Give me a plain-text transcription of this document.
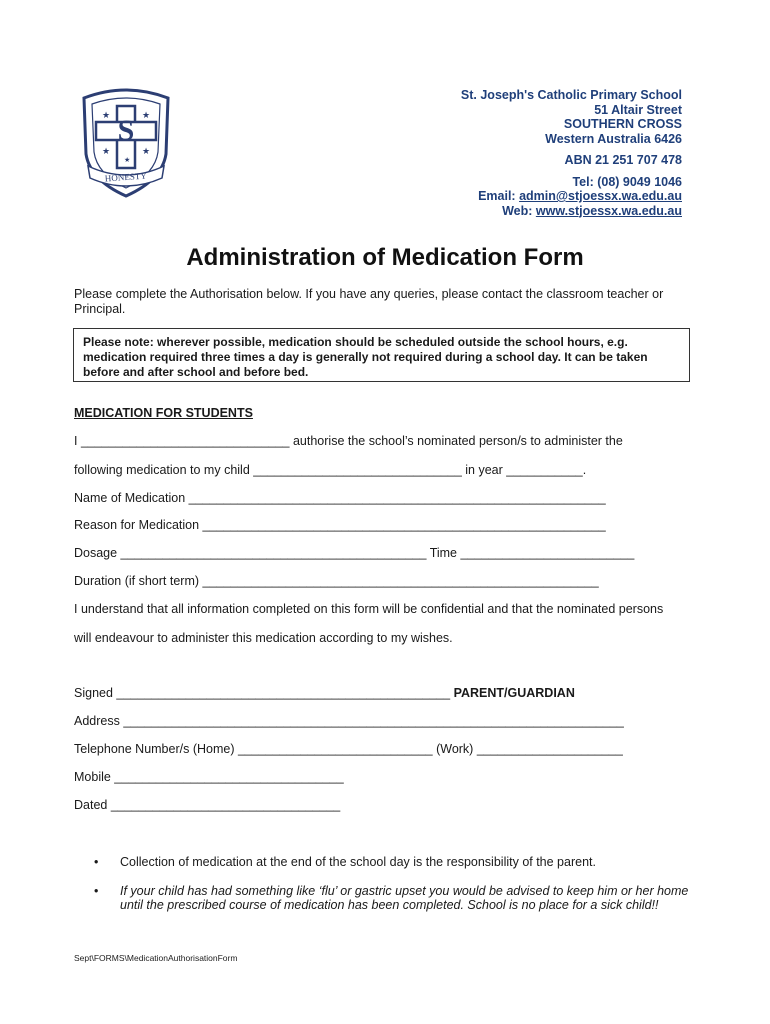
S
★	★
★	★
★
HONESTY
St. Joseph's Catholic Primary School
51 Altair Street
SOUTHERN CROSS
Western Australia 6426
ABN 21 251 707 478
Tel: (08) 9049 1046
Email: admin@stjoessx.wa.edu.au
Web: www.stjoessx.wa.edu.au
Administration of Medication Form
Please complete the Authorisation below. If you have any queries, please contact the classroom teacher or Principal.
Please note: wherever possible, medication should be scheduled outside the school hours, e.g. medication required three times a day is generally not required during a school day. It can be taken before and after school and before bed.
MEDICATION FOR STUDENTS
I ______________________________ authorise the school’s nominated person/s to administer the
following medication to my child ______________________________ in year ___________.
Name of Medication ____________________________________________________________
Reason for Medication __________________________________________________________
Dosage ____________________________________________ Time _________________________
Duration (if short term) _________________________________________________________
I understand that all information completed on this form will be confidential and that the nominated persons
will endeavour to administer this medication according to my wishes.
Signed ________________________________________________ PARENT/GUARDIAN
Address ________________________________________________________________________
Telephone Number/s (Home) ____________________________ (Work) _____________________
Mobile _________________________________
Dated _________________________________
• Collection of medication at the end of the school day is the responsibility of the parent.
• If your child has had something like ‘flu’ or gastric upset you would be advised to keep him or her home until the prescribed course of medication has been completed. School is no place for a sick child!!
Sept\FORMS\MedicationAuthorisationForm
